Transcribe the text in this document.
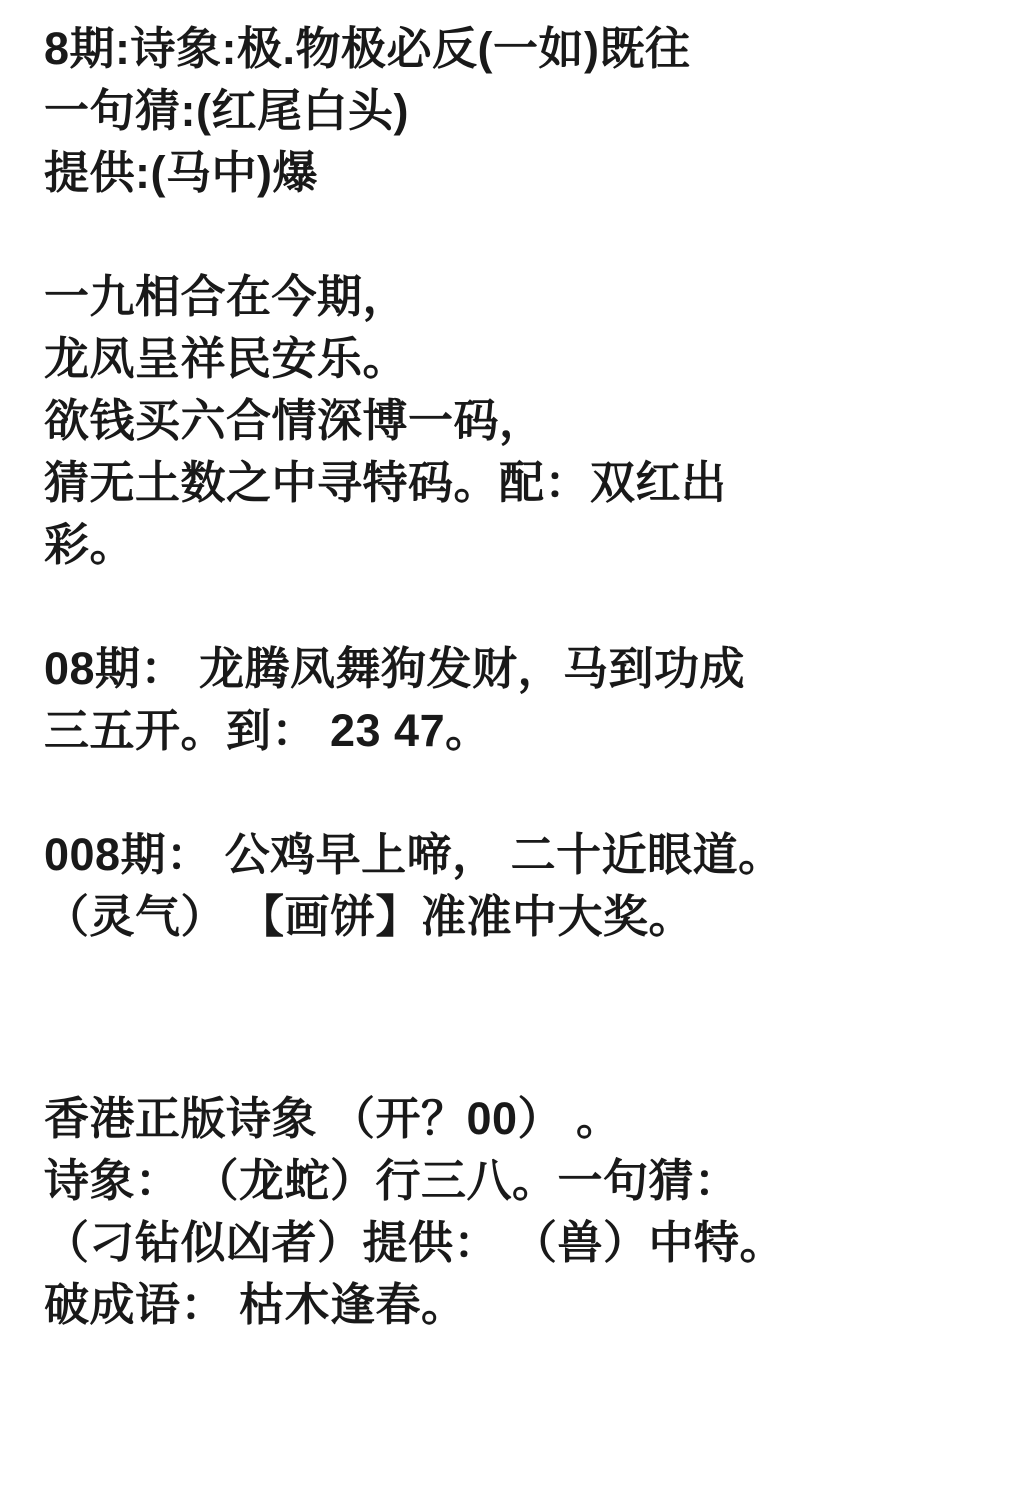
8期:诗象:极.物极必反(一如)既往
一句猜:(红尾白头)
提供:(马中)爆
一九相合在今期，
龙凤呈祥民安乐。
欲钱买六合情深博一码，
猜无土数之中寻特码。配：双红出
彩。
08期： 龙腾凤舞狗发财，马到功成
三五开。到： 23 47。
008期： 公鸡早上啼， 二十近眼道。
（灵气） 【画饼】准准中大奖。
香港正版诗象 （开？00） 。
诗象： （龙蛇）行三八。一句猜：
（刁钻似凶者）提供： （兽）中特。
破成语： 枯木逢春。
